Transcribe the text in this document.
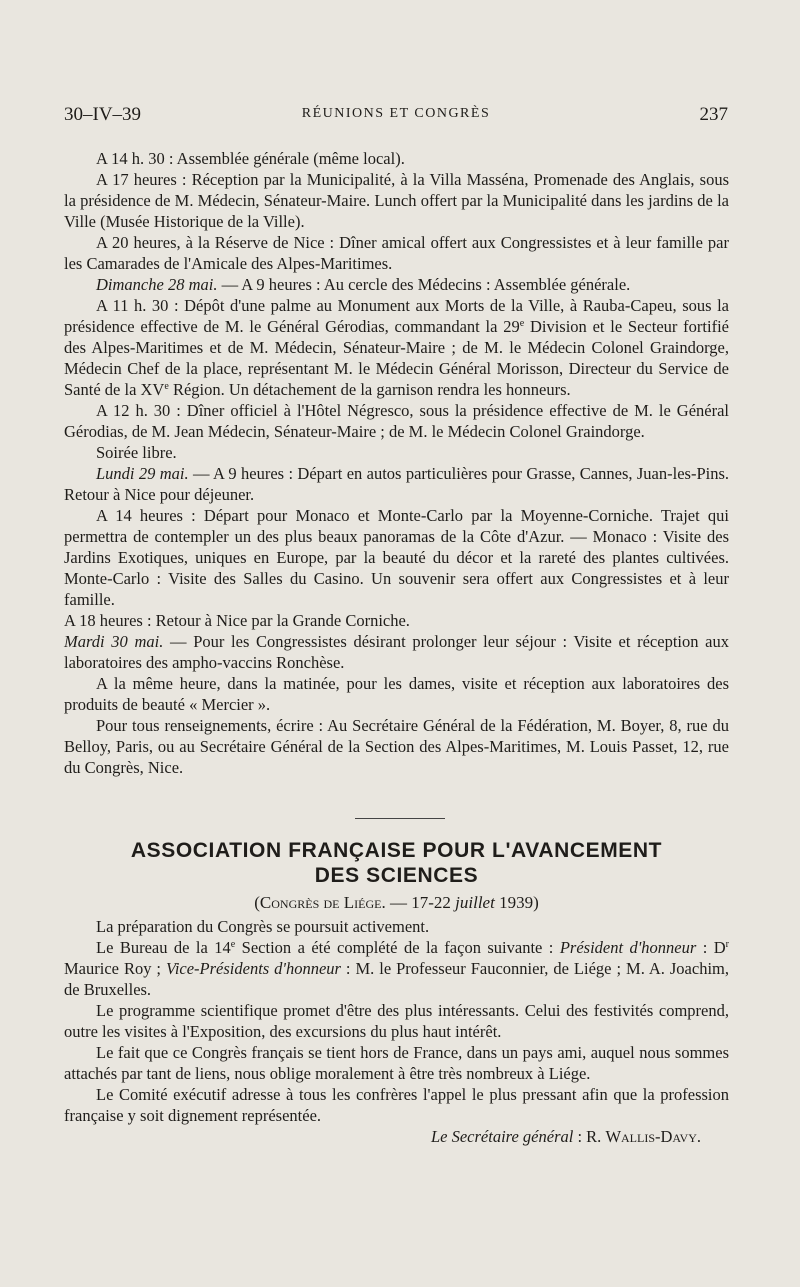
30–IV–39	RÉUNIONS ET CONGRÈS	237

A 14 h. 30 : Assemblée générale (même local).

A 17 heures : Réception par la Municipalité, à la Villa Masséna, Promenade des Anglais, sous la présidence de M. Médecin, Sénateur-Maire. Lunch offert par la Municipalité dans les jardins de la Ville (Musée Historique de la Ville).

A 20 heures, à la Réserve de Nice : Dîner amical offert aux Congressistes et à leur famille par les Camarades de l'Amicale des Alpes-Maritimes.

Dimanche 28 mai. — A 9 heures : Au cercle des Médecins : Assemblée générale.

A 11 h. 30 : Dépôt d'une palme au Monument aux Morts de la Ville, à Rauba-Capeu, sous la présidence effective de M. le Général Gérodias, commandant la 29e Division et le Secteur fortifié des Alpes-Maritimes et de M. Médecin, Sénateur-Maire ; de M. le Médecin Colonel Graindorge, Médecin Chef de la place, représentant M. le Médecin Général Morisson, Directeur du Service de Santé de la XVe Région. Un détachement de la garnison rendra les honneurs.

A 12 h. 30 : Dîner officiel à l'Hôtel Négresco, sous la présidence effective de M. le Général Gérodias, de M. Jean Médecin, Sénateur-Maire ; de M. le Médecin Colonel Graindorge.

Soirée libre.

Lundi 29 mai. — A 9 heures : Départ en autos particulières pour Grasse, Cannes, Juan-les-Pins. Retour à Nice pour déjeuner.

A 14 heures : Départ pour Monaco et Monte-Carlo par la Moyenne-Corniche. Trajet qui permettra de contempler un des plus beaux panoramas de la Côte d'Azur. — Monaco : Visite des Jardins Exotiques, uniques en Europe, par la beauté du décor et la rareté des plantes cultivées. Monte-Carlo : Visite des Salles du Casino. Un souvenir sera offert aux Congressistes et à leur famille.

A 18 heures : Retour à Nice par la Grande Corniche.

Mardi 30 mai. — Pour les Congressistes désirant prolonger leur séjour : Visite et réception aux laboratoires des ampho-vaccins Ronchèse.

A la même heure, dans la matinée, pour les dames, visite et réception aux laboratoires des produits de beauté « Mercier ».

Pour tous renseignements, écrire : Au Secrétaire Général de la Fédération, M. Boyer, 8, rue du Belloy, Paris, ou au Secrétaire Général de la Section des Alpes-Maritimes, M. Louis Passet, 12, rue du Congrès, Nice.

ASSOCIATION FRANÇAISE POUR L'AVANCEMENT
DES SCIENCES
(Congrès de Liége. — 17-22 juillet 1939)

La préparation du Congrès se poursuit activement.

Le Bureau de la 14e Section a été complété de la façon suivante : Président d'honneur : $D^r$ Maurice Roy ; Vice-Présidents d'honneur : M. le Professeur Fauconnier, de Liége ; M. A. Joachim, de Bruxelles.

Le programme scientifique promet d'être des plus intéressants. Celui des festivités comprend, outre les visites à l'Exposition, des excursions du plus haut intérêt.

Le fait que ce Congrès français se tient hors de France, dans un pays ami, auquel nous sommes attachés par tant de liens, nous oblige moralement à être très nombreux à Liége.

Le Comité exécutif adresse à tous les confrères l'appel le plus pressant afin que la profession française y soit dignement représentée.

Le Secrétaire général : R. Wallis-Davy.
